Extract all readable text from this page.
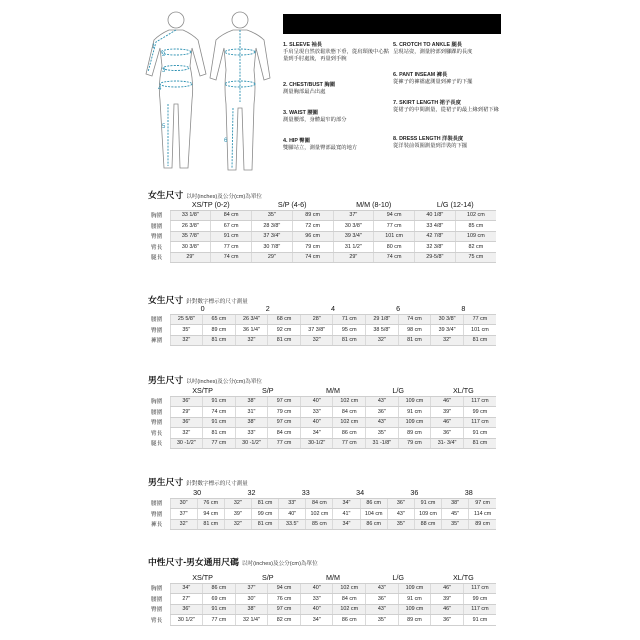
1
2
3
4
5
6
1. SLEEVE 袖長
手肩呈現自然放鬆狀態下垂，從肩頸後中心點量到手肘處後，再量到手腕
2. CHEST/BUST 胸圍
測量胸部最凸出處
3. WAIST 腰圍
測量腰部，身體最窄的部分
4. HIP 臀圍
雙腳站立，測量臀部最寬的地方
5. CROTCH TO ANKLE 腿長
呈現站姿，測量胯部到腳踝的長度
6. PANT INSEAM 褲長
從褲子的褲襠處測量到褲子的下擺
7. SKIRT LENGTH 裙子長度
從裙子的中間測量，從裙子的最上緣到裙下緣
8. DRESS LENGTH 洋裝長度
從洋裝前領圍測量到洋裝的下擺
女生尺寸 以吋(inches)及公分(cm)為單位
女生尺寸 針對數字標示的尺寸測量
男生尺寸 以吋(inches)及公分(cm)為單位
男生尺寸 針對數字標示的尺寸測量
中性尺寸-男女通用尺碼 以吋(inches)及公分(cm)為單位
	XS/TP (0-2)		S/P (4-6)		M/M (8-10)		L/G (12-14)	
胸圍	33 1/8"	84 cm	35"	89 cm	37"	94 cm	40 1/8"	102 cm
腰圍	26 3/8"	67 cm	28 3/8"	72 cm	30 3/8"	77 cm	33 4/8"	85 cm
臀圍	35 7/8"	91 cm	37 3/4"	96 cm	39 3/4"	101 cm	42 7/8"	109 cm
臂長	30 3/8"	77 cm	30 7/8"	79 cm	31 1/2"	80 cm	32 3/8"	82 cm
腿長	29"	74 cm	29"	74 cm	29"	74 cm	29-5/8"	75 cm
	0		2		4		6		8	
腰圍	25 5/8"	65 cm	26 3/4"	68 cm	28"	71 cm	29 1/8"	74 cm	30 3/8"	77 cm
臀圍	35"	89 cm	36 1/4"	92 cm	37 3/8"	95 cm	38 5/8"	98 cm	39 3/4"	101 cm
褲圍	32"	81 cm	32"	81 cm	32"	81 cm	32"	81 cm	32"	81 cm
	XS/TP		S/P		M/M		L/G		XL/TG	
胸圍	36"	91 cm	38"	97 cm	40"	102 cm	43"	109 cm	46"	117 cm
腰圍	29"	74 cm	31"	79 cm	33"	84 cm	36"	91 cm	39"	99 cm
臀圍	36"	91 cm	38"	97 cm	40"	102 cm	43"	109 cm	46"	117 cm
臂長	32"	81 cm	33"	84 cm	34"	86 cm	35"	89 cm	36"	91 cm
腿長	30 -1/2"	77 cm	30 -1/2"	77 cm	30-1/2"	77 cm	31 -1/8"	79 cm	31- 3/4"	81 cm
	30		32		33		34		36		38	
腰圍	30"	76 cm	32"	81 cm	33"	84 cm	34"	86 cm	36"	91 cm	38"	97 cm
臀圍	37"	94 cm	39"	99 cm	40"	102 cm	41"	104 cm	43"	109 cm	45"	114 cm
褲長	32"	81 cm	32"	81 cm	33.5"	85 cm	34"	86 cm	35"	88 cm	35"	89 cm
	XS/TP		S/P		M/M		L/G		XL/TG	
胸圍	34"	86 cm	37"	94 cm	40"	102 cm	43"	109 cm	46"	117 cm
腰圍	27"	69 cm	30"	76 cm	33"	84 cm	36"	91 cm	39"	99 cm
臀圍	36"	91 cm	38"	97 cm	40"	102 cm	43"	109 cm	46"	117 cm
臂長	30 1/2"	77 cm	32 1/4"	82 cm	34"	86 cm	35"	89 cm	36"	91 cm
